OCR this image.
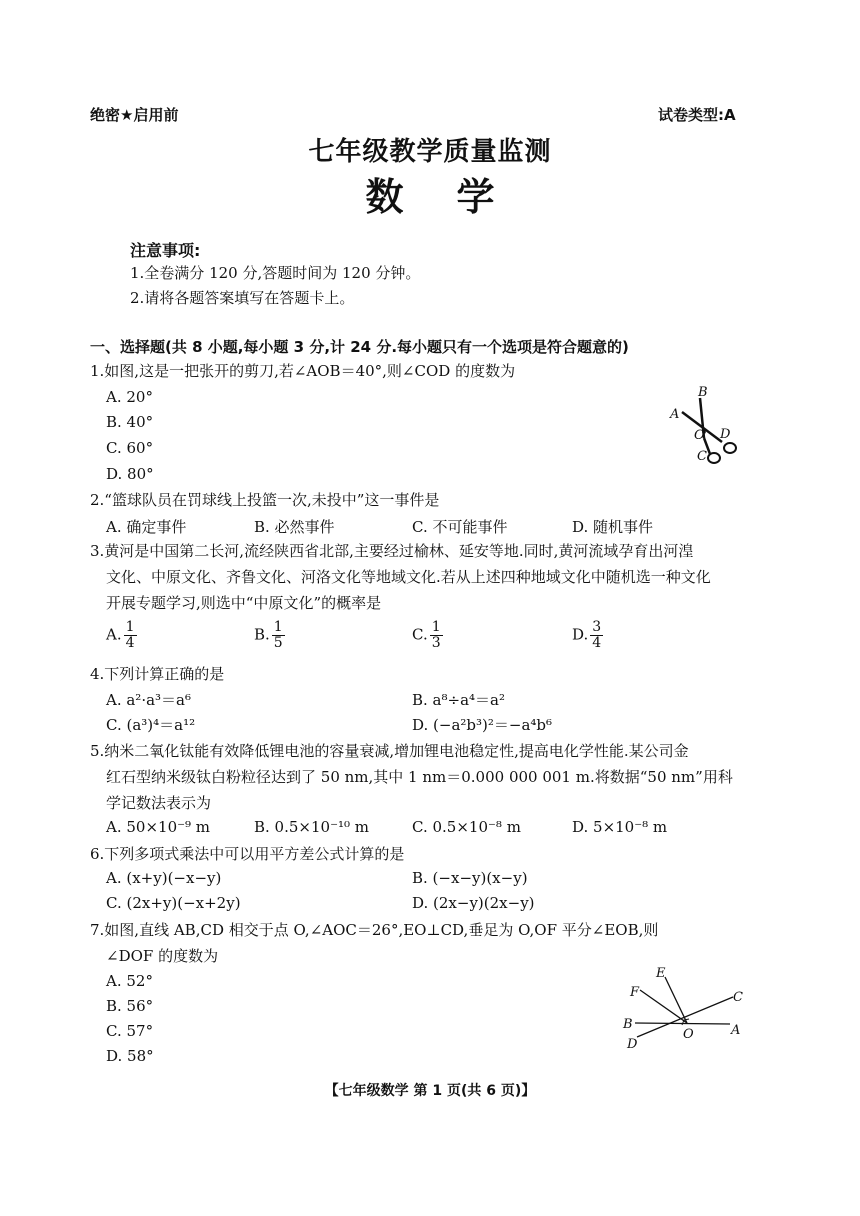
绝密★启用前	试卷类型:A
七年级教学质量监测
数    学
注意事项:
1.全卷满分 120 分,答题时间为 120 分钟。
2.请将各题答案填写在答题卡上。
一、选择题(共 8 小题,每小题 3 分,计 24 分.每小题只有一个选项是符合题意的)
1.如图,这是一把张开的剪刀,若∠AOB＝40°,则∠COD 的度数为
A. 20°
B. 40°
C. 60°
D. 80°
A
B
O D
C
2.“篮球队员在罚球线上投篮一次,未投中”这一事件是
A. 确定事件	B. 必然事件	C. 不可能事件	D. 随机事件
3.黄河是中国第二长河,流经陕西省北部,主要经过榆林、延安等地.同时,黄河流域孕育出河湟
文化、中原文化、齐鲁文化、河洛文化等地域文化.若从上述四种地域文化中随机选一种文化
开展专题学习,则选中“中原文化”的概率是
A. $\frac{1}{4}$	B. $\frac{1}{5}$	C. $\frac{1}{3}$	D. $\frac{3}{4}$
4.下列计算正确的是
A. a²·a³＝a⁶	B. a⁸÷a⁴＝a²
C. (a³)⁴＝a¹²	D. (−a²b³)²＝−a⁴b⁶
5.纳米二氧化钛能有效降低锂电池的容量衰减,增加锂电池稳定性,提高电化学性能.某公司金
红石型纳米级钛白粉粒径达到了 50 nm,其中 1 nm＝0.000 000 001 m.将数据“50 nm”用科
学记数法表示为
A. 50×10⁻⁹ m	B. 0.5×10⁻¹⁰ m	C. 0.5×10⁻⁸ m	D. 5×10⁻⁸ m
6.下列多项式乘法中可以用平方差公式计算的是
A. (x+y)(−x−y)	B. (−x−y)(x−y)
C. (2x+y)(−x+2y)	D. (2x−y)(2x−y)
7.如图,直线 AB,CD 相交于点 O,∠AOC＝26°,EO⊥CD,垂足为 O,OF 平分∠EOB,则
∠DOF 的度数为
A. 52°
B. 56°
C. 57°
D. 58°
E
F	C
B
O	A
D
【七年级数学 第 1 页(共 6 页)】
